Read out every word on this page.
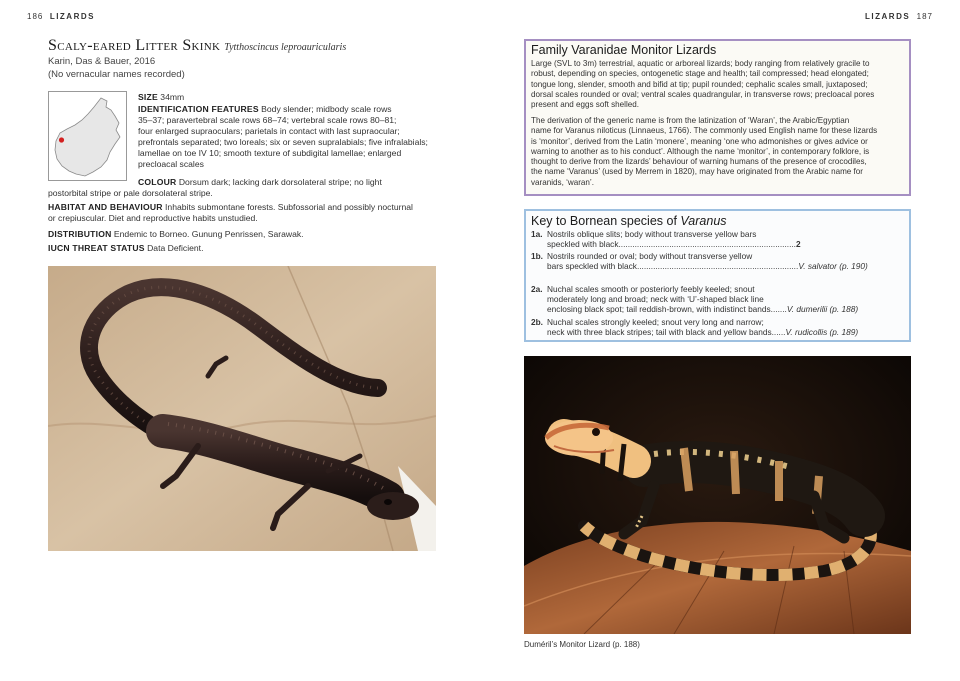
186 LIZARDS	LIZARDS 187
Scaly-eared Litter Skink Tytthoscincus leproauricularis
Karin, Das & Bauer, 2016
(No vernacular names recorded)
SIZE 34mm
IDENTIFICATION FEATURES Body slender; midbody scale rows
35–37; paravertebral scale rows 68–74; vertebral scale rows 80–81;
four enlarged supraoculars; parietals in contact with last supraocular;
prefrontals separated; two loreals; six or seven supralabials; five infralabials;
lamellae on toe IV 10; smooth texture of subdigital lamellae; enlarged
precloacal scales
COLOUR Dorsum dark; lacking dark dorsolateral stripe; no light
postorbital stripe or pale dorsolateral stripe.
HABITAT AND BEHAVIOUR Inhabits submontane forests. Subfossorial and possibly nocturnal
or crepiuscular. Diet and reproductive habits unstudied.
DISTRIBUTION Endemic to Borneo. Gunung Penrissen, Sarawak.
IUCN THREAT STATUS Data Deficient.
Family Varanidae Monitor Lizards
Large (SVL to 3m) terrestrial, aquatic or arboreal lizards; body ranging from relatively gracile to
robust, depending on species, ontogenetic stage and health; tail compressed; head elongated;
tongue long, slender, smooth and bifid at tip; pupil rounded; cephalic scales small, juxtaposed;
dorsal scales rounded or oval; ventral scales quadrangular, in transverse rows; precloacal pores
present and eggs soft shelled.
The derivation of the generic name is from the latinization of ‘Waran’, the Arabic/Egyptian
name for Varanus niloticus (Linnaeus, 1766). The commonly used English name for these lizards
is ‘monitor’, derived from the Latin ‘monere’, meaning ‘one who admonishes or gives advice or
warning to another as to his conduct’. Although the name ‘monitor’, in contemporary folklore, is
thought to derive from the lizards’ behaviour of warning humans of the presence of crocodiles,
the name ‘Varanus’ (used by Merrem in 1820), may have originated from the Arabic name for
varanids, ‘waran’.
Key to Bornean species of Varanus
1a. Nostrils oblique slits; body without transverse yellow bars
speckled with black.............................................................................2
1b. Nostrils rounded or oval; body without transverse yellow
bars speckled with black......................................................................V. salvator (p. 190)
2a. Nuchal scales smooth or posteriorly feebly keeled; snout
moderately long and broad; neck with ‘U’-shaped black line
enclosing black spot; tail reddish-brown, with indistinct bands.......V. dumerilii (p. 188)
2b. Nuchal scales strongly keeled; snout very long and narrow;
neck with three black stripes; tail with black and yellow bands......V. rudicollis (p. 189)
Duméril’s Monitor Lizard (p. 188)
